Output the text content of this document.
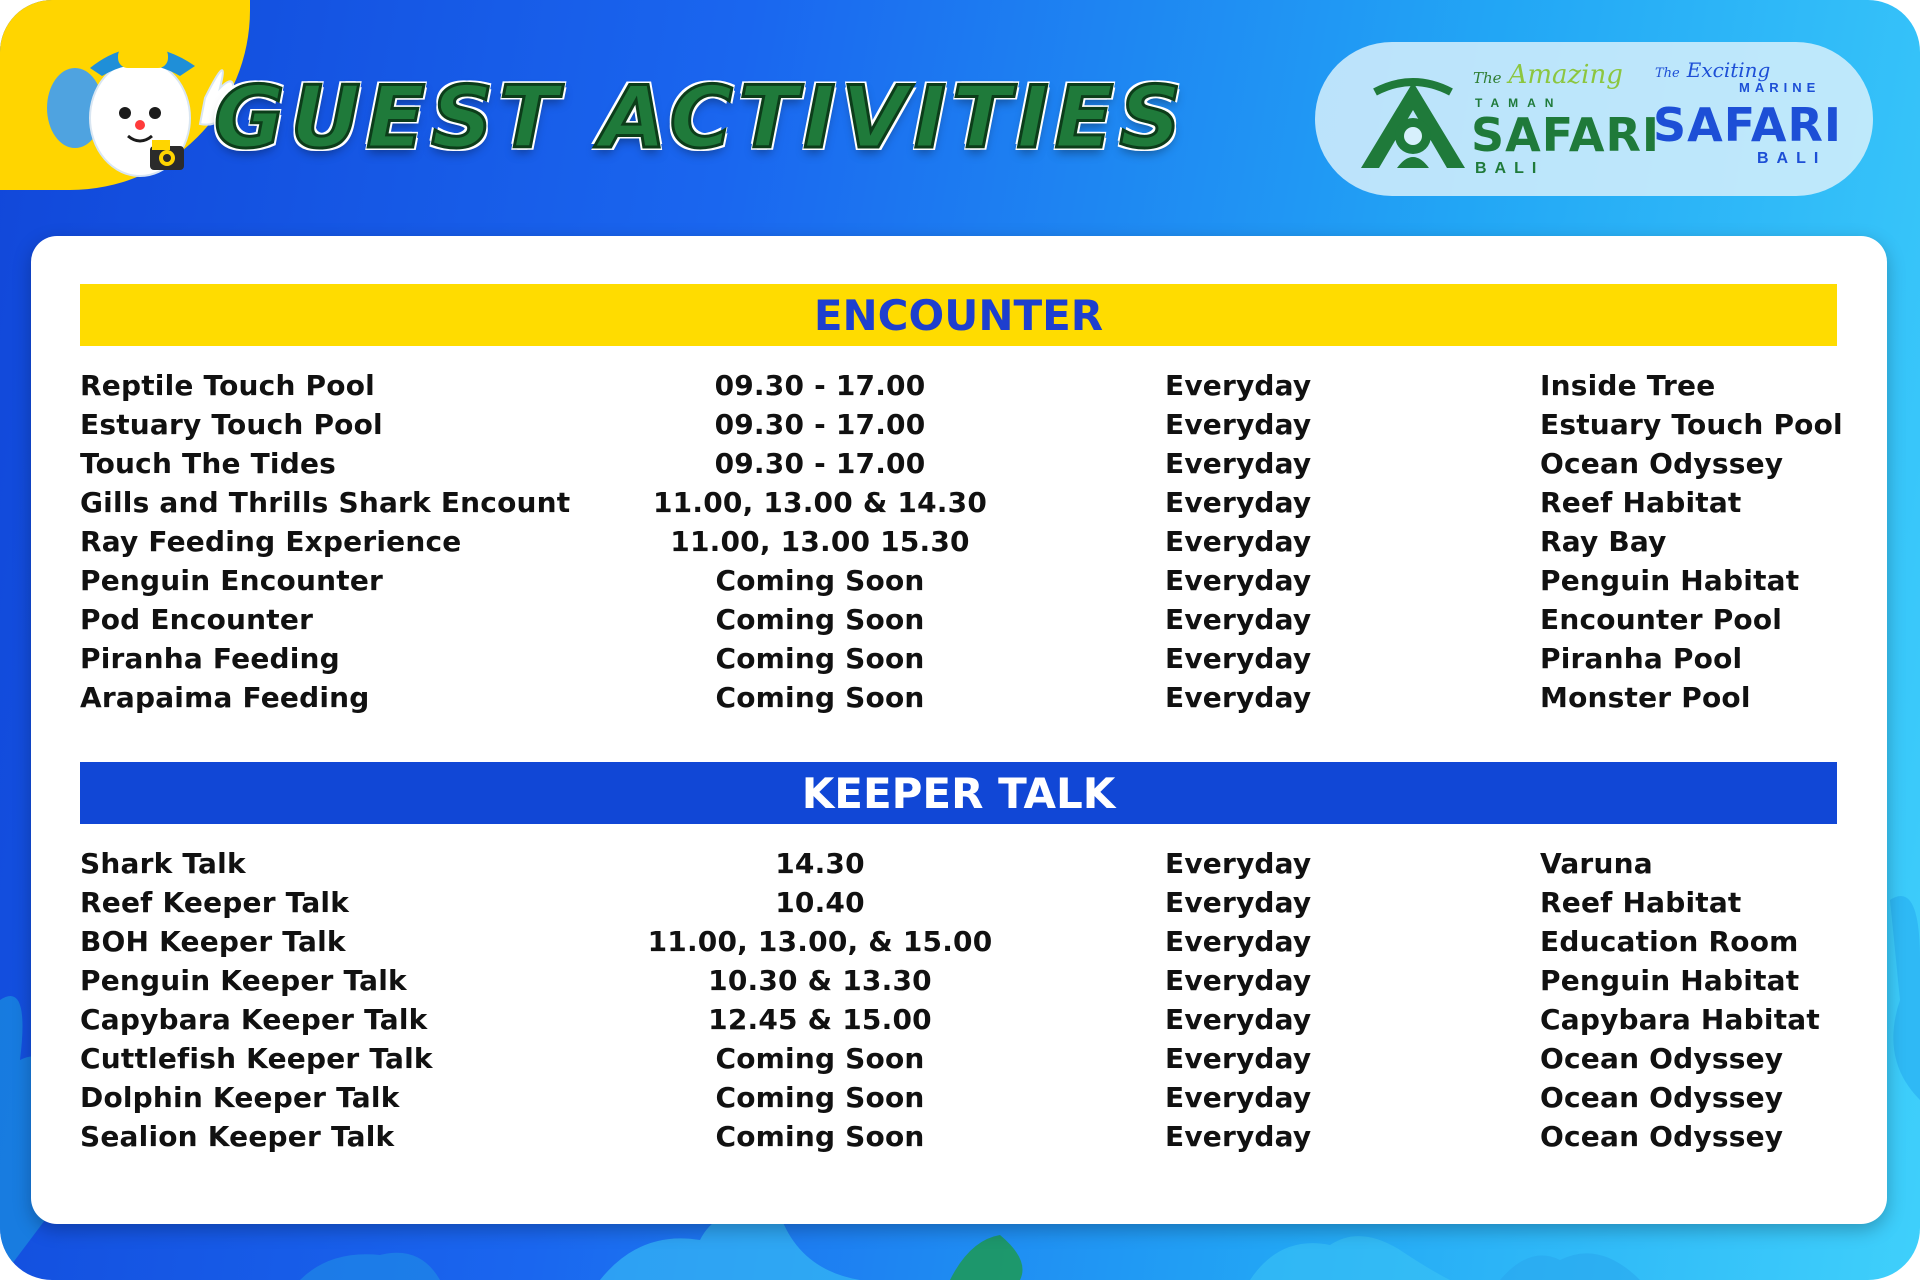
GUEST ACTIVITIES	The Amazing
TAMAN
SAFARI
BALI
The Exciting
MARINE
SAFARI
BALI
ENCOUNTER
Reptile Touch Pool	09.30 - 17.00	Everyday	Inside Tree
Estuary Touch Pool	09.30 - 17.00	Everyday	Estuary Touch Pool
Touch The Tides	09.30 - 17.00	Everyday	Ocean Odyssey
Gills and Thrills Shark Encount	11.00, 13.00 & 14.30	Everyday	Reef Habitat
Ray Feeding Experience	11.00, 13.00 15.30	Everyday	Ray Bay
Penguin Encounter	Coming Soon	Everyday	Penguin Habitat
Pod Encounter	Coming Soon	Everyday	Encounter Pool
Piranha Feeding	Coming Soon	Everyday	Piranha Pool
Arapaima Feeding	Coming Soon	Everyday	Monster Pool
KEEPER TALK
Shark Talk	14.30	Everyday	Varuna
Reef Keeper Talk	10.40	Everyday	Reef Habitat
BOH Keeper Talk	11.00, 13.00, & 15.00	Everyday	Education Room
Penguin Keeper Talk	10.30 & 13.30	Everyday	Penguin Habitat
Capybara Keeper Talk	12.45 & 15.00	Everyday	Capybara Habitat
Cuttlefish Keeper Talk	Coming Soon	Everyday	Ocean Odyssey
Dolphin Keeper Talk	Coming Soon	Everyday	Ocean Odyssey
Sealion Keeper Talk	Coming Soon	Everyday	Ocean Odyssey
